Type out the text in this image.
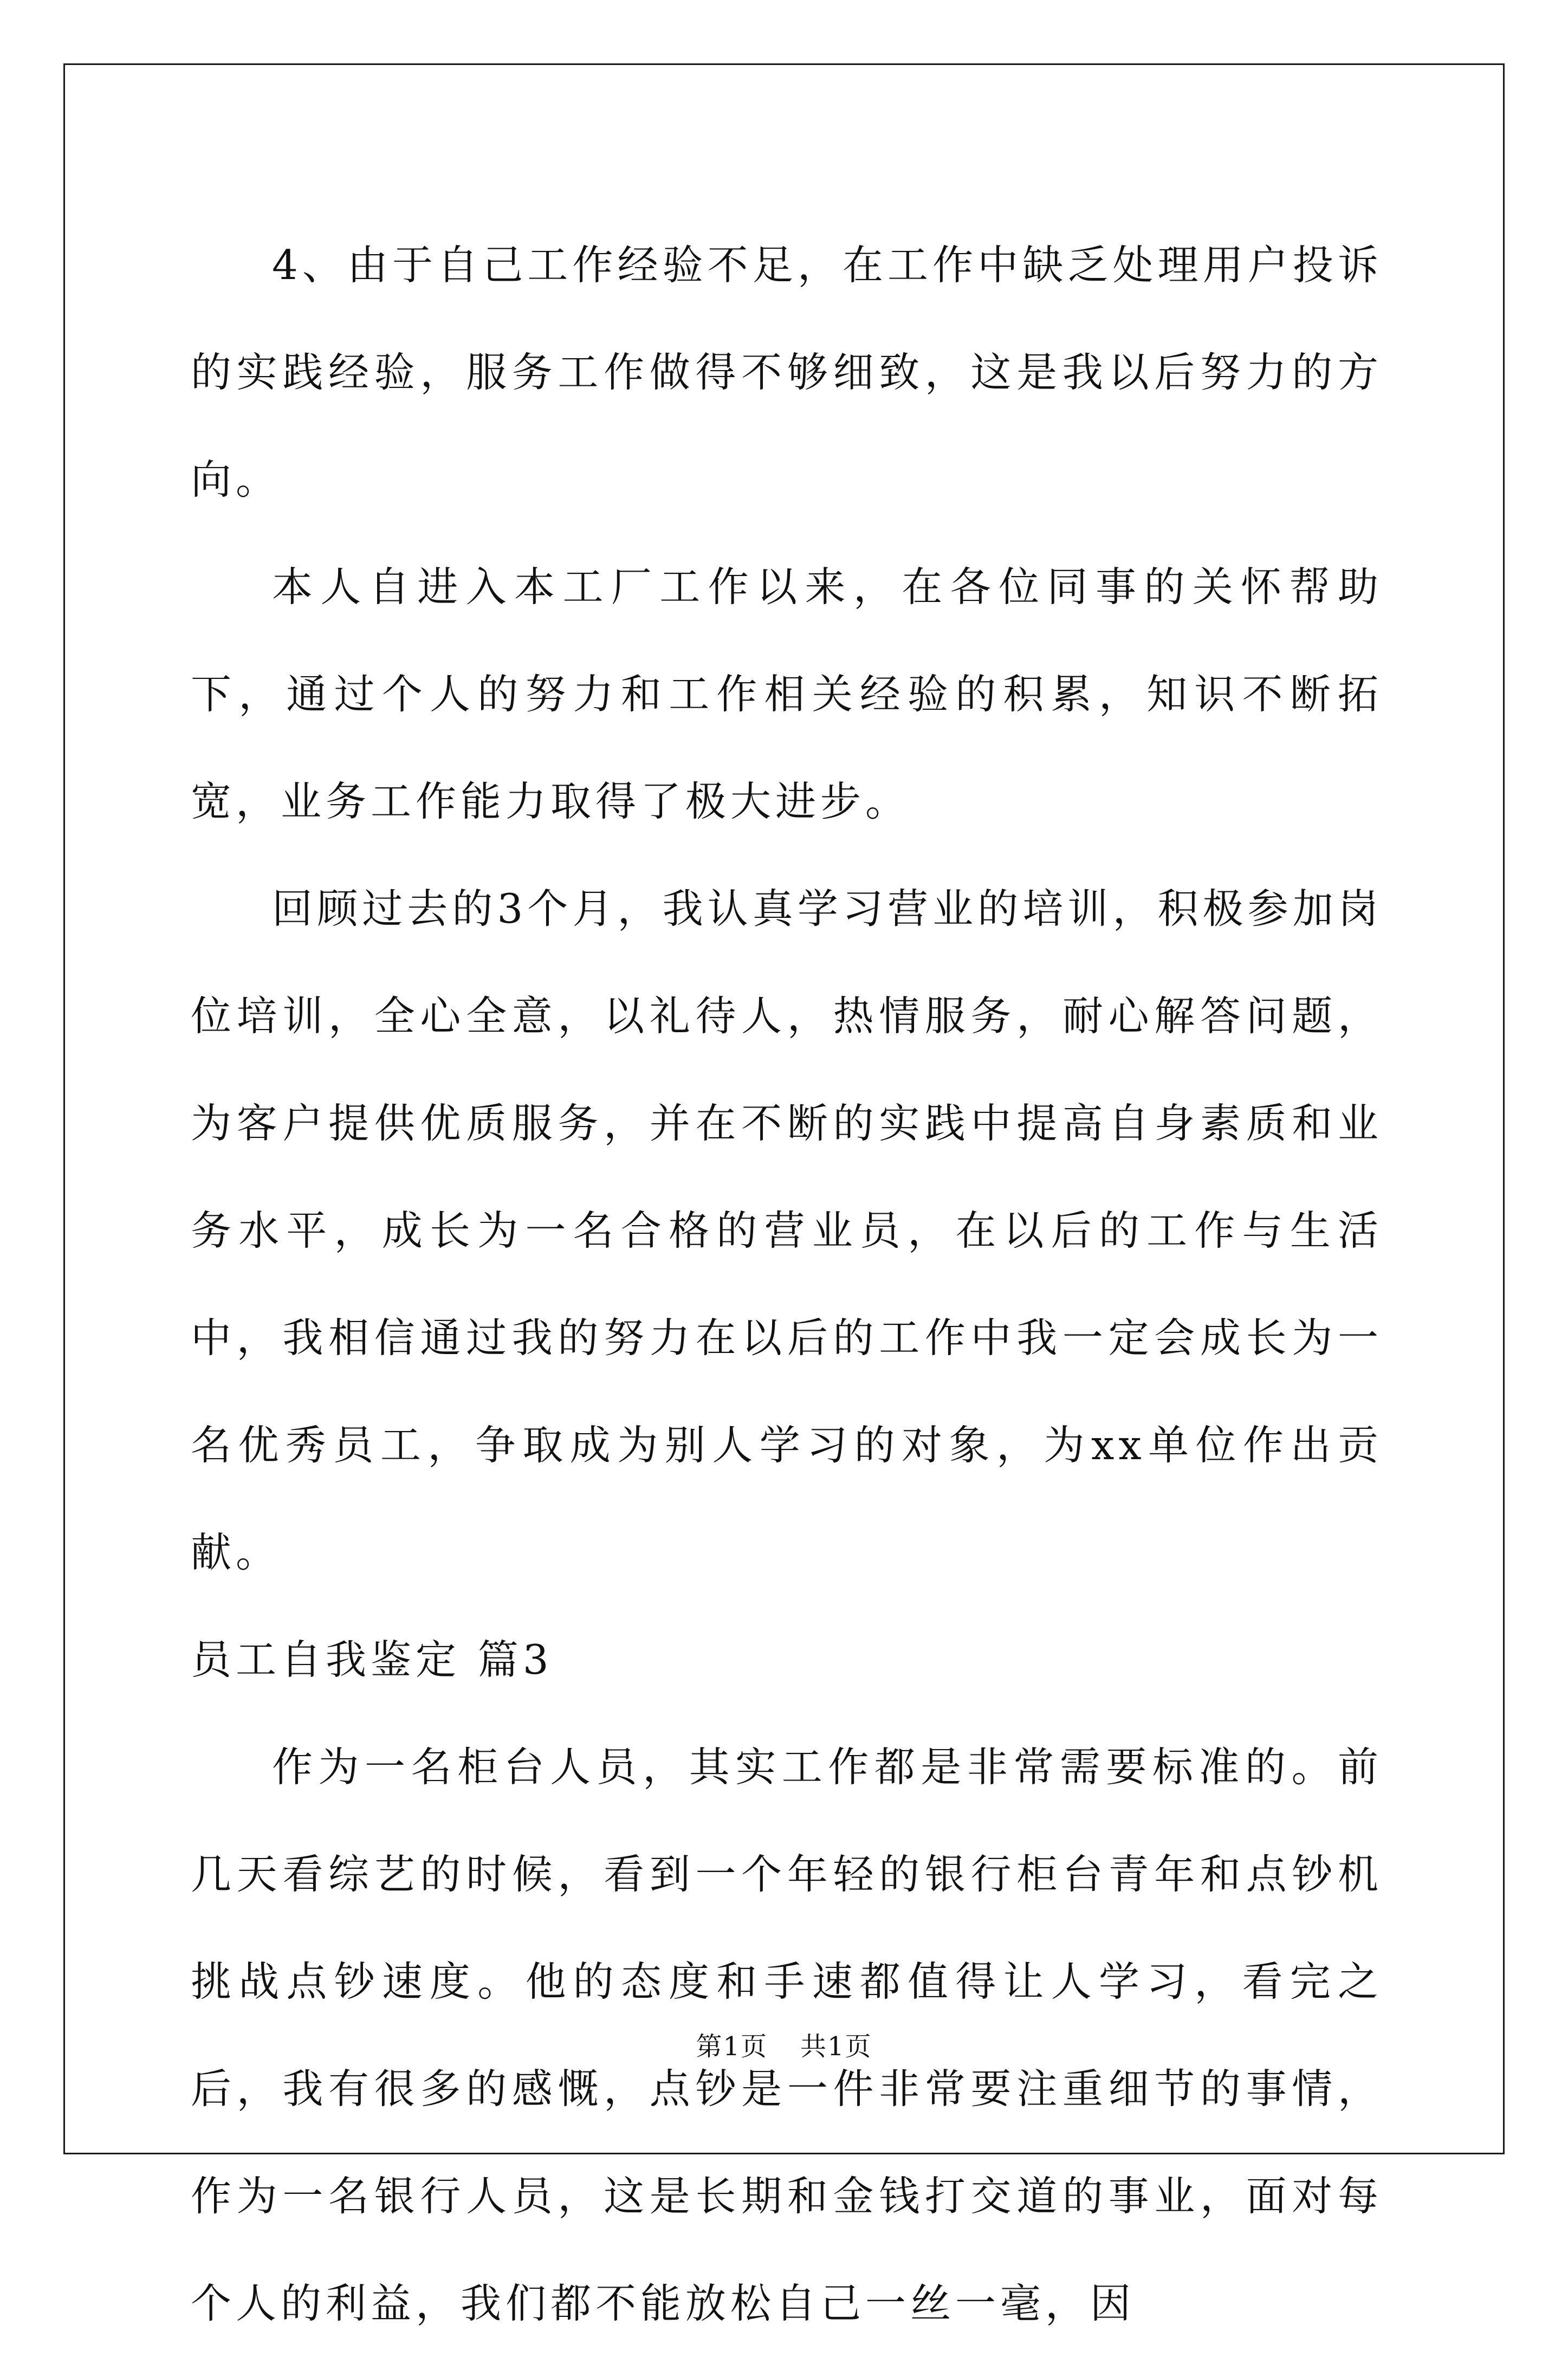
4、由于自己工作经验不足，在工作中缺乏处理用户投诉的实践经验，服务工作做得不够细致，这是我以后努力的方向。

本人自进入本工厂工作以来，在各位同事的关怀帮助下，通过个人的努力和工作相关经验的积累，知识不断拓宽，业务工作能力取得了极大进步。

回顾过去的3个月，我认真学习营业的培训，积极参加岗位培训，全心全意，以礼待人，热情服务，耐心解答问题，为客户提供优质服务，并在不断的实践中提高自身素质和业务水平，成长为一名合格的营业员，在以后的工作与生活中，我相信通过我的努力在以后的工作中我一定会成长为一名优秀员工，争取成为别人学习的对象，为xx单位作出贡献。

员工自我鉴定 篇3

作为一名柜台人员，其实工作都是非常需要标准的。前几天看综艺的时候，看到一个年轻的银行柜台青年和点钞机挑战点钞速度。他的态度和手速都值得让人学习，看完之后，我有很多的感慨，点钞是一件非常要注重细节的事情，作为一名银行人员，这是长期和金钱打交道的事业，面对每个人的利益，我们都不能放松自己一丝一毫，因

第1页 共1页
